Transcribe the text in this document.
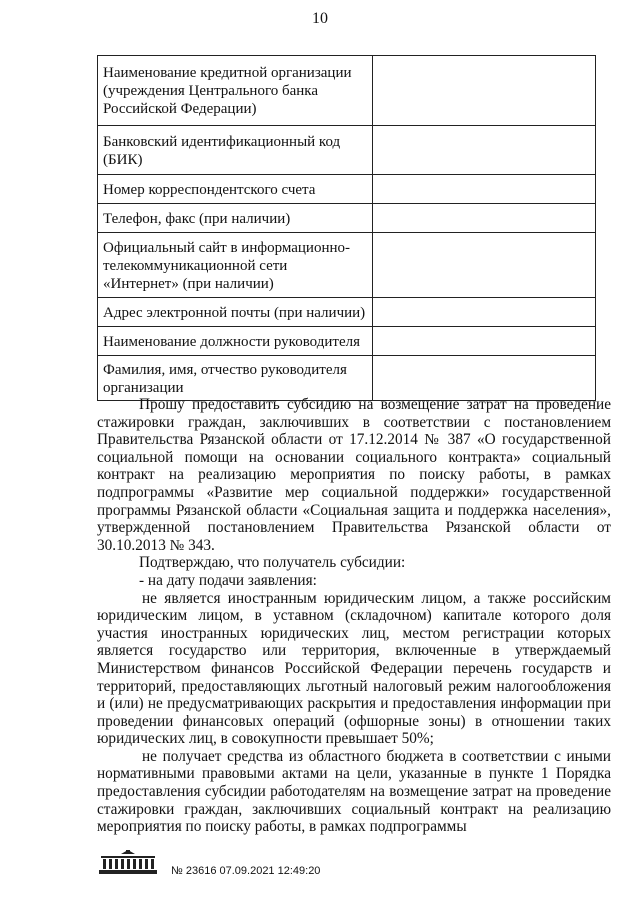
10
Наименование кредитной организации (учреждения Центрального банка Российской Федерации)	
Банковский идентификационный код (БИК)	
Номер корреспондентского счета	
Телефон, факс (при наличии)	
Официальный сайт в информационно-телекоммуникационной сети «Интернет» (при наличии)	
Адрес электронной почты (при наличии)	
Наименование должности руководителя	
Фамилия, имя, отчество руководителя организации	

Прошу предоставить субсидию на возмещение затрат на проведение стажировки граждан, заключивших в соответствии с постановлением Правительства Рязанской области от 17.12.2014 № 387 «О государственной социальной помощи на основании социального контракта» социальный контракт на реализацию мероприятия по поиску работы, в рамках подпрограммы «Развитие мер социальной поддержки» государственной программы Рязанской области «Социальная защита и поддержка населения», утвержденной постановлением Правительства Рязанской области от 30.10.2013 № 343.

Подтверждаю, что получатель субсидии:

- на дату подачи заявления:

не является иностранным юридическим лицом, а также российским юридическим лицом, в уставном (складочном) капитале которого доля участия иностранных юридических лиц, местом регистрации которых является государство или территория, включенные в утверждаемый Министерством финансов Российской Федерации перечень государств и территорий, предоставляющих льготный налоговый режим налогообложения и (или) не предусматривающих раскрытия и предоставления информации при проведении финансовых операций (офшорные зоны) в отношении таких юридических лиц, в совокупности превышает 50%;

не получает средства из областного бюджета в соответствии с иными нормативными правовыми актами на цели, указанные в пункте 1 Порядка предоставления субсидии работодателям на возмещение затрат на проведение стажировки граждан, заключивших социальный контракт на реализацию мероприятия по поиску работы, в рамках подпрограммы

№ 23616 07.09.2021 12:49:20
